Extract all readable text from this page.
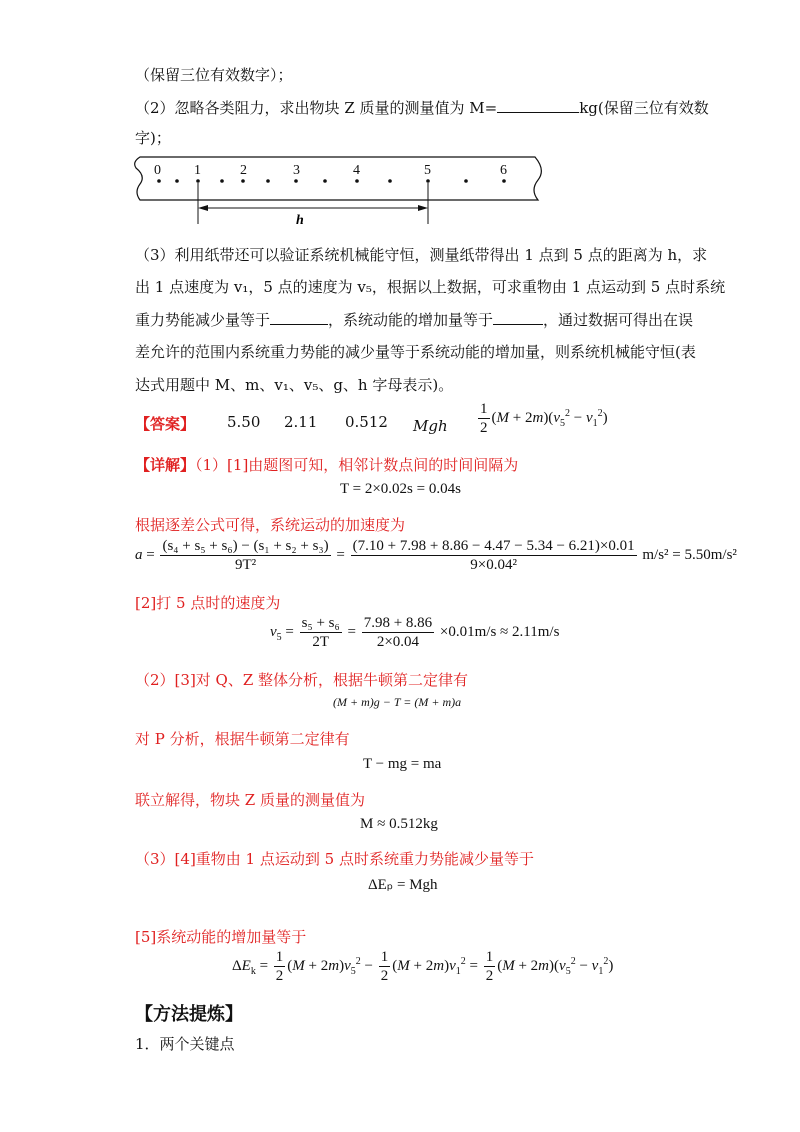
（保留三位有效数字）；
（2）忽略各类阻力，求出物块 Z 质量的测量值为 M=	kg(保留三位有效数
字)；
0 1	2	3	4	5	6
h
（3）利用纸带还可以验证系统机械能守恒，测量纸带得出 1 点到 5 点的距离为 h，求
出 1 点速度为 v₁，5 点的速度为 v₅，根据以上数据，可求重物由 1 点运动到 5 点时系统
重力势能减少量等于	，系统动能的增加量等于	，通过数据可得出在误
差允许的范围内系统重力势能的减少量等于系统动能的增加量，则系统机械能守恒(表
达式用题中 M、m、v₁、v₅、g、h 字母表示)。
【答案】 5.50 2.11 0.512 Mgh $\frac{1}{2} (M + 2m)(v_5^2 - v_1^2)$
【详解】（1）[1]由题图可知，相邻计数点间的时间间隔为
T = 2×0.02s = 0.04s
根据逐差公式可得，系统运动的加速度为
$a = \frac{\text{(s₄ + s₅ + s₆) − (s₁ + s₂ + s₃)}}{\text{9T²}} = \frac{(7.10 + 7.98 + 8.86 - 4.47 - 5.34 - 6.21)\times 0.01}{\text{9×0.04²}} m/s^2 = 5.50m/s^2$
[2]打 5 点时的速度为
$v_5 = \frac{\text{s₅ + s₆}}{2T} = \frac{7.98 + 8.86}{2\times 0.04} \times 0.01m/s \approx 2.11m/s$
（2）[3]对 Q、Z 整体分析，根据牛顿第二定律有
(M + m)g − T = (M + m)a
对 P 分析，根据牛顿第二定律有
T − mg = ma
联立解得，物块 Z 质量的测量值为
M ≈ 0.512kg
（3）[4]重物由 1 点运动到 5 点时系统重力势能减少量等于
ΔEₚ = Mgh
[5]系统动能的增加量等于
$\Delta E_k = \frac{1}{2} (M + 2m)v_5^2 - \frac{1}{2} (M + 2m)v_1^2 = \frac{1}{2} (M + 2m)(v_5^2 - v_1^2)$
【方法提炼】
1．两个关键点
